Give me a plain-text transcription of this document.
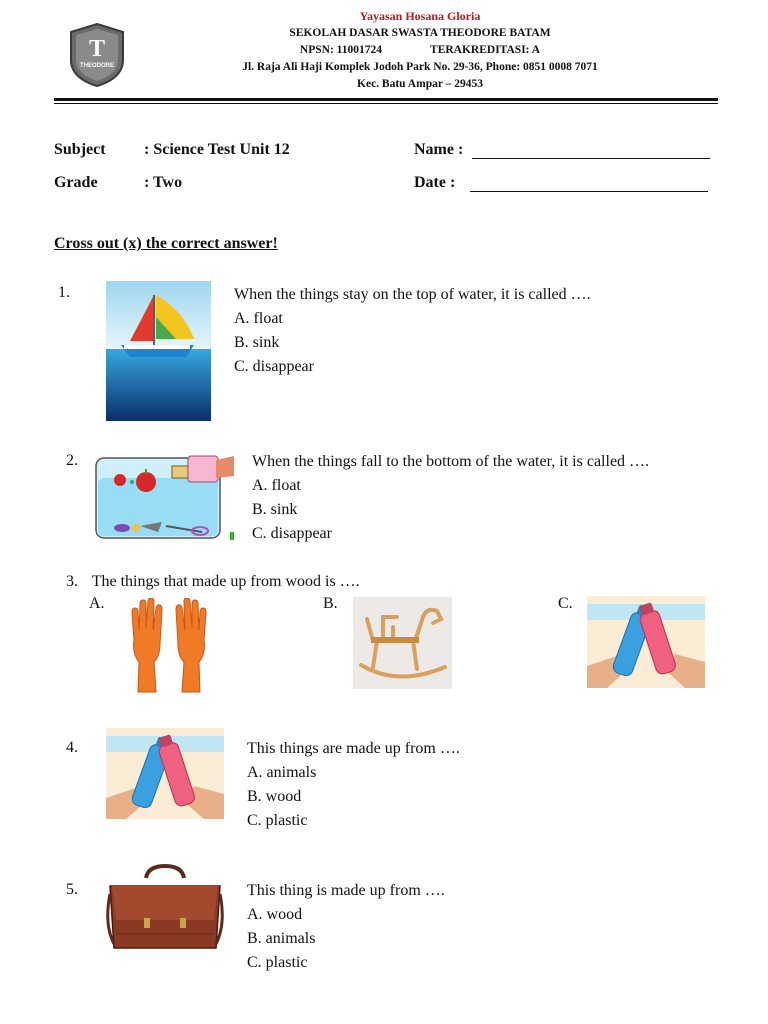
T
THEODORE
Yayasan Hosana Gloria
SEKOLAH DASAR SWASTA THEODORE BATAM
NPSN: 11001724	TERAKREDITASI: A
Jl. Raja Ali Haji Komplek Jodoh Park No. 29-36, Phone: 0851 0008 7071
Kec. Batu Ampar – 29453
Subject : Science Test Unit 12
Grade	: Two
Name :
Date :
Cross out (x) the correct answer!
1.	When the things stay on the top of water, it is called ….
A. float
B. sink
C. disappear
2.	When the things fall to the bottom of the water, it is called ….
A. float
B. sink
C. disappear
3. The things that made up from wood is ….
A.	B.	C.
4.	This things are made up from ….
A. animals
B. wood
C. plastic
5.	This thing is made up from ….
A. wood
B. animals
C. plastic
